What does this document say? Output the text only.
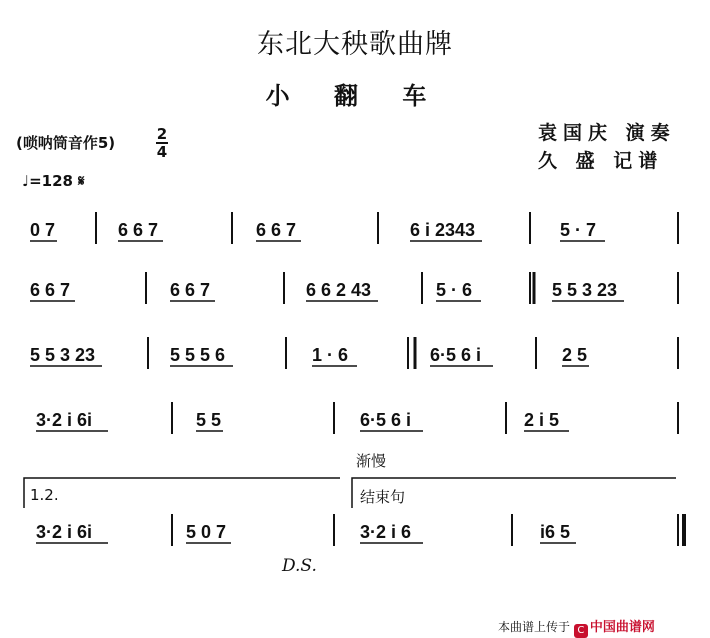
东北大秧歌曲牌
小 翻 车
(唢呐筒音作5)	2
4
♩=128 𝄋
袁国庆 演奏
久 盛 记谱
0 7	6 6 7	6 6 7	6 i 2343	5 · 7
6 6 7	6 6 7	6 6 2 43	5 · 6	5 5 3 23
5 5 3 23	5 5 5 6	1 · 6	6·5 6 i	2 5
3·2 i 6i	5 5	6·5 6 i	2 i 5
3·2 i 6i	5 0 7	3·2 i 6	i6 5
渐慢
1.2.	结束句
D.S.
本曲谱上传于 C 中国曲谱网
